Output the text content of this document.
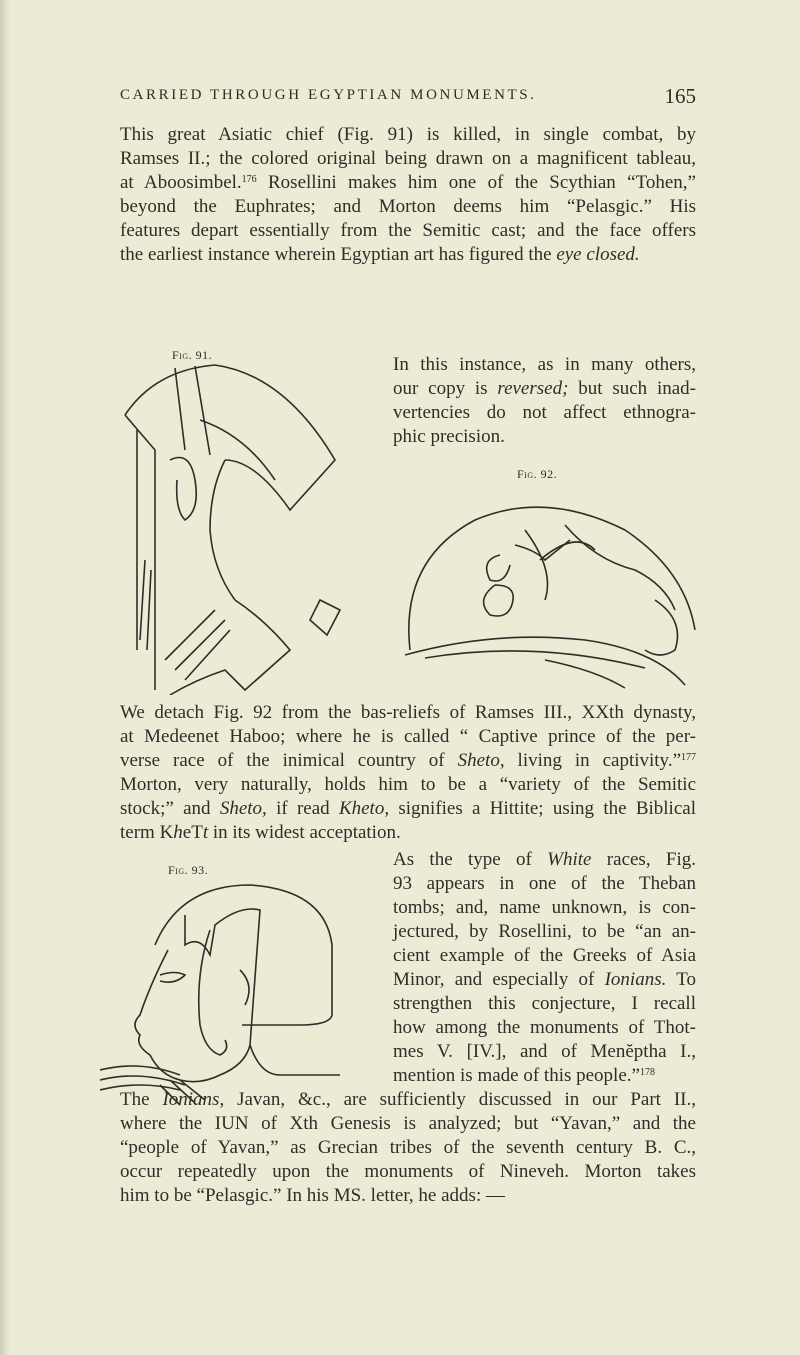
CARRIED THROUGH EGYPTIAN MONUMENTS.	165
This great Asiatic chief (Fig. 91) is killed, in single combat, by
Ramses II.; the colored original being drawn on a magnificent tableau,
at Aboosimbel.$^{176}$ Rosellini makes him one of the Scythian “Tohen,”
beyond the Euphrates; and Morton deems him “Pelasgic.” His
features depart essentially from the Semitic cast; and the face offers
the earliest instance wherein Egyptian art has figured the eye closed.
In this instance, as in many others,
our copy is reversed; but such inad-
vertencies do not affect ethnogra-
phic precision.
We detach Fig. 92 from the bas-reliefs of Ramses III., XXth dynasty,
at Medeenet Haboo; where he is called “ Captive prince of the per-
verse race of the inimical country of Sheto, living in captivity.”$^{177}$
Morton, very naturally, holds him to be a “variety of the Semitic
stock;” and Sheto, if read Kheto, signifies a Hittite; using the Biblical
term KheTt in its widest acceptation.
As the type of White races, Fig.
93 appears in one of the Theban
tombs; and, name unknown, is con-
jectured, by Rosellini, to be “an an-
cient example of the Greeks of Asia
Minor, and especially of Ionians. To
strengthen this conjecture, I recall
how among the monuments of Thot-
mes V. [IV.], and of Menĕptha I.,
mention is made of this people.”$^{178}$
The Ionians, Javan, &c., are sufficiently discussed in our Part II.,
where the IUN of Xth Genesis is analyzed; but “Yavan,” and the
“people of Yavan,” as Grecian tribes of the seventh century B. C.,
occur repeatedly upon the monuments of Nineveh. Morton takes
him to be “Pelasgic.” In his MS. letter, he adds: —
Fig. 91.
Fig. 92.
Fig. 93.
